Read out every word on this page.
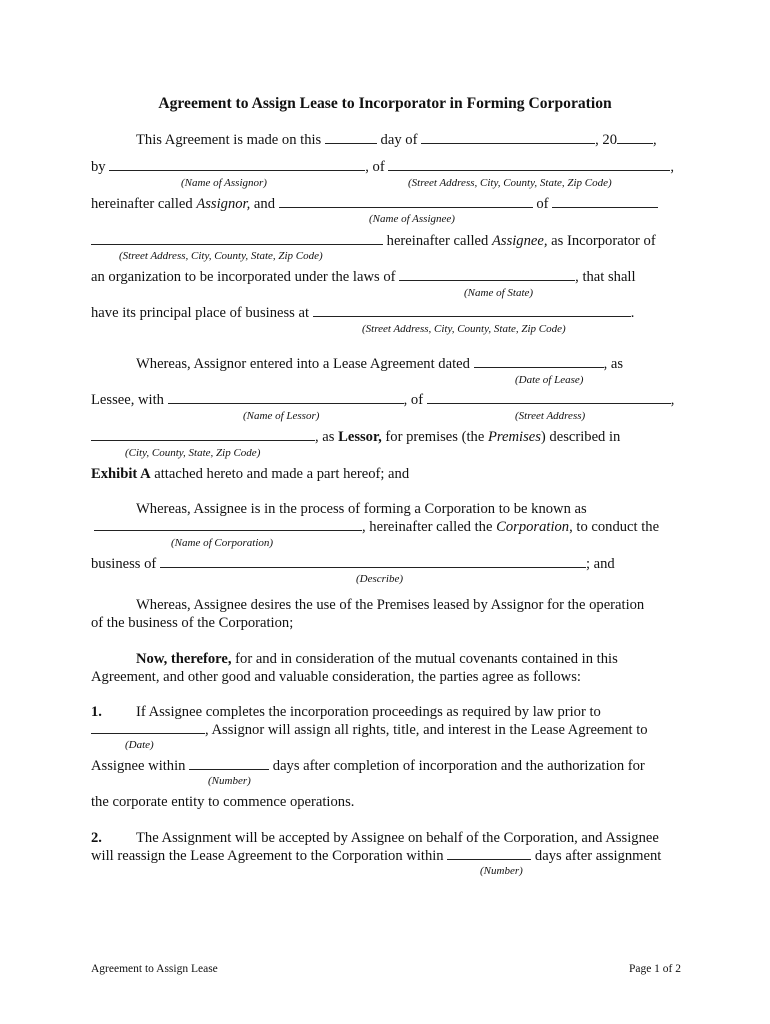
Agreement to Assign Lease to Incorporator in Forming Corporation
This Agreement is made on this	day of	, 20 ,
by	, of	,
(Name of Assignor)	(Street Address, City, County, State, Zip Code)
hereinafter called Assignor, and	of
(Name of Assignee)
hereinafter called Assignee, as Incorporator of
(Street Address, City, County, State, Zip Code)
an organization to be incorporated under the laws of	, that shall
(Name of State)
have its principal place of business at	.
(Street Address, City, County, State, Zip Code)
Whereas, Assignor entered into a Lease Agreement dated	, as
(Date of Lease)
Lessee, with	, of	,
(Name of Lessor)	(Street Address)
, as Lessor, for premises (the Premises) described in
(City, County, State, Zip Code)
Exhibit A attached hereto and made a part hereof; and
Whereas, Assignee is in the process of forming a Corporation to be known as
, hereinafter called the Corporation, to conduct the
(Name of Corporation)
business of	; and
(Describe)
Whereas, Assignee desires the use of the Premises leased by Assignor for the operation
of the business of the Corporation;
Now, therefore, for and in consideration of the mutual covenants contained in this
Agreement, and other good and valuable consideration, the parties agree as follows:
1. If Assignee completes the incorporation proceedings as required by law prior to
, Assignor will assign all rights, title, and interest in the Lease Agreement to
(Date)
Assignee within	days after completion of incorporation and the authorization for
(Number)
the corporate entity to commence operations.
2. The Assignment will be accepted by Assignee on behalf of the Corporation, and Assignee
will reassign the Lease Agreement to the Corporation within	days after assignment
(Number)
Agreement to Assign Lease	Page 1 of 2
